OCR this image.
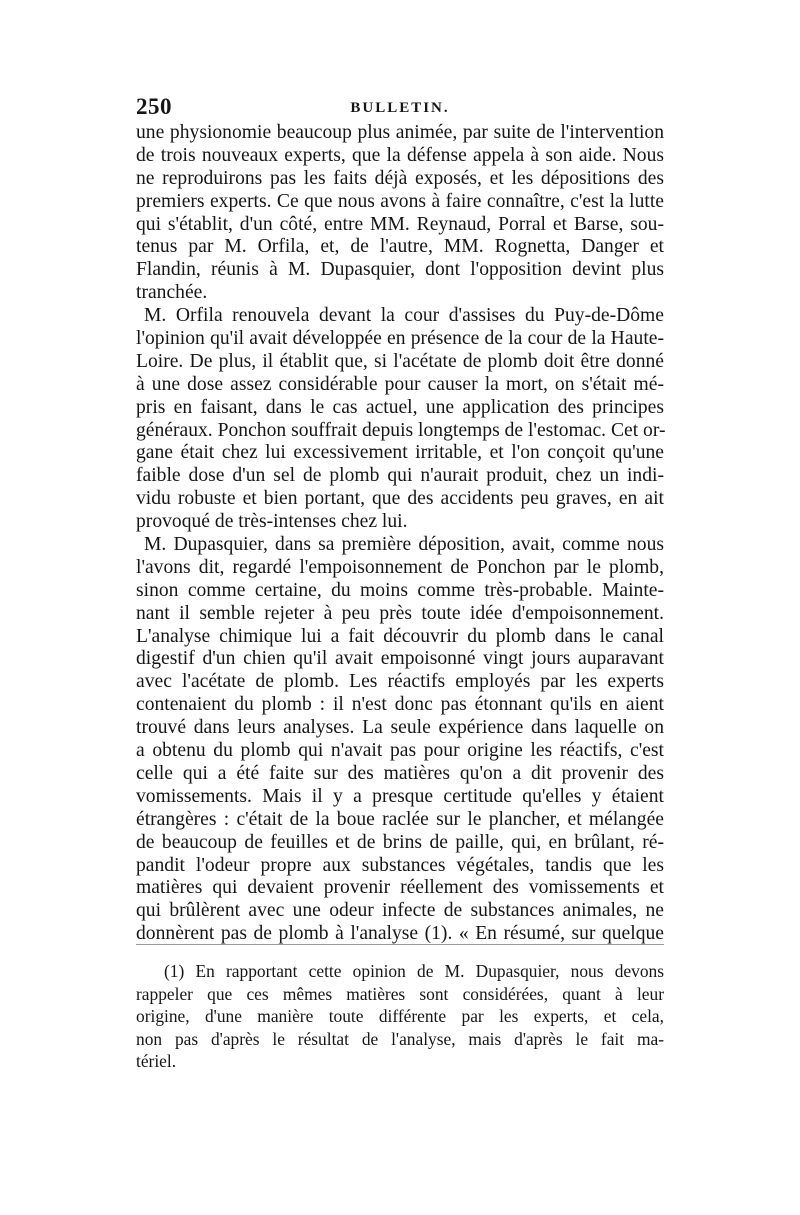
250	BULLETIN.
une physionomie beaucoup plus animée, par suite de l'intervention
de trois nouveaux experts, que la défense appela à son aide. Nous
ne reproduirons pas les faits déjà exposés, et les dépositions des
premiers experts. Ce que nous avons à faire connaître, c'est la lutte
qui s'établit, d'un côté, entre MM. Reynaud, Porral et Barse, sou-
tenus par M. Orfila, et, de l'autre, MM. Rognetta, Danger et
Flandin, réunis à M. Dupasquier, dont l'opposition devint plus
tranchée.
M. Orfila renouvela devant la cour d'assises du Puy-de-Dôme
l'opinion qu'il avait développée en présence de la cour de la Haute-
Loire. De plus, il établit que, si l'acétate de plomb doit être donné
à une dose assez considérable pour causer la mort, on s'était mé-
pris en faisant, dans le cas actuel, une application des principes
généraux. Ponchon souffrait depuis longtemps de l'estomac. Cet or-
gane était chez lui excessivement irritable, et l'on conçoit qu'une
faible dose d'un sel de plomb qui n'aurait produit, chez un indi-
vidu robuste et bien portant, que des accidents peu graves, en ait
provoqué de très-intenses chez lui.
M. Dupasquier, dans sa première déposition, avait, comme nous
l'avons dit, regardé l'empoisonnement de Ponchon par le plomb,
sinon comme certaine, du moins comme très-probable. Mainte-
nant il semble rejeter à peu près toute idée d'empoisonnement.
L'analyse chimique lui a fait découvrir du plomb dans le canal
digestif d'un chien qu'il avait empoisonné vingt jours auparavant
avec l'acétate de plomb. Les réactifs employés par les experts
contenaient du plomb : il n'est donc pas étonnant qu'ils en aient
trouvé dans leurs analyses. La seule expérience dans laquelle on
a obtenu du plomb qui n'avait pas pour origine les réactifs, c'est
celle qui a été faite sur des matières qu'on a dit provenir des
vomissements. Mais il y a presque certitude qu'elles y étaient
étrangères : c'était de la boue raclée sur le plancher, et mélangée
de beaucoup de feuilles et de brins de paille, qui, en brûlant, ré-
pandit l'odeur propre aux substances végétales, tandis que les
matières qui devaient provenir réellement des vomissements et
qui brûlèrent avec une odeur infecte de substances animales, ne
donnèrent pas de plomb à l'analyse (1). « En résumé, sur quelque
(1) En rapportant cette opinion de M. Dupasquier, nous devons
rappeler que ces mêmes matières sont considérées, quant à leur
origine, d'une manière toute différente par les experts, et cela,
non pas d'après le résultat de l'analyse, mais d'après le fait ma-
tériel.
